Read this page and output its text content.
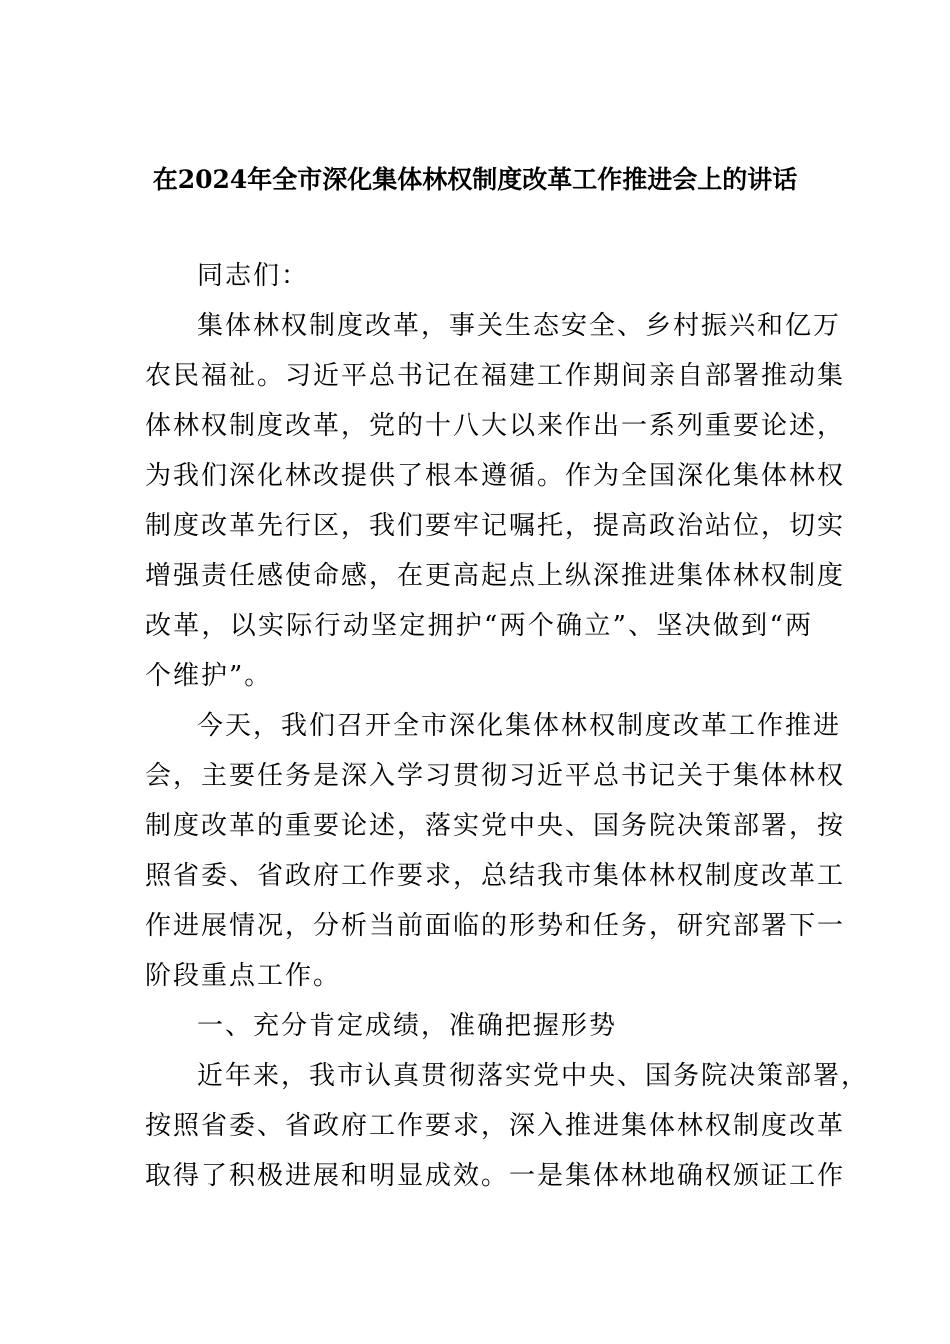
在2024年全市深化集体林权制度改革工作推进会上的讲话
同志们：
集体林权制度改革，事关生态安全、乡村振兴和亿万
农民福祉。习近平总书记在福建工作期间亲自部署推动集
体林权制度改革，党的十八大以来作出一系列重要论述，
为我们深化林改提供了根本遵循。作为全国深化集体林权
制度改革先行区，我们要牢记嘱托，提高政治站位，切实
增强责任感使命感，在更高起点上纵深推进集体林权制度
改革，以实际行动坚定拥护“两个确立”、坚决做到“两
个维护”。
今天，我们召开全市深化集体林权制度改革工作推进
会，主要任务是深入学习贯彻习近平总书记关于集体林权
制度改革的重要论述，落实党中央、国务院决策部署，按
照省委、省政府工作要求，总结我市集体林权制度改革工
作进展情况，分析当前面临的形势和任务，研究部署下一
阶段重点工作。
一、充分肯定成绩，准确把握形势
近年来，我市认真贯彻落实党中央、国务院决策部署，
按照省委、省政府工作要求，深入推进集体林权制度改革
取得了积极进展和明显成效。一是集体林地确权颁证工作
